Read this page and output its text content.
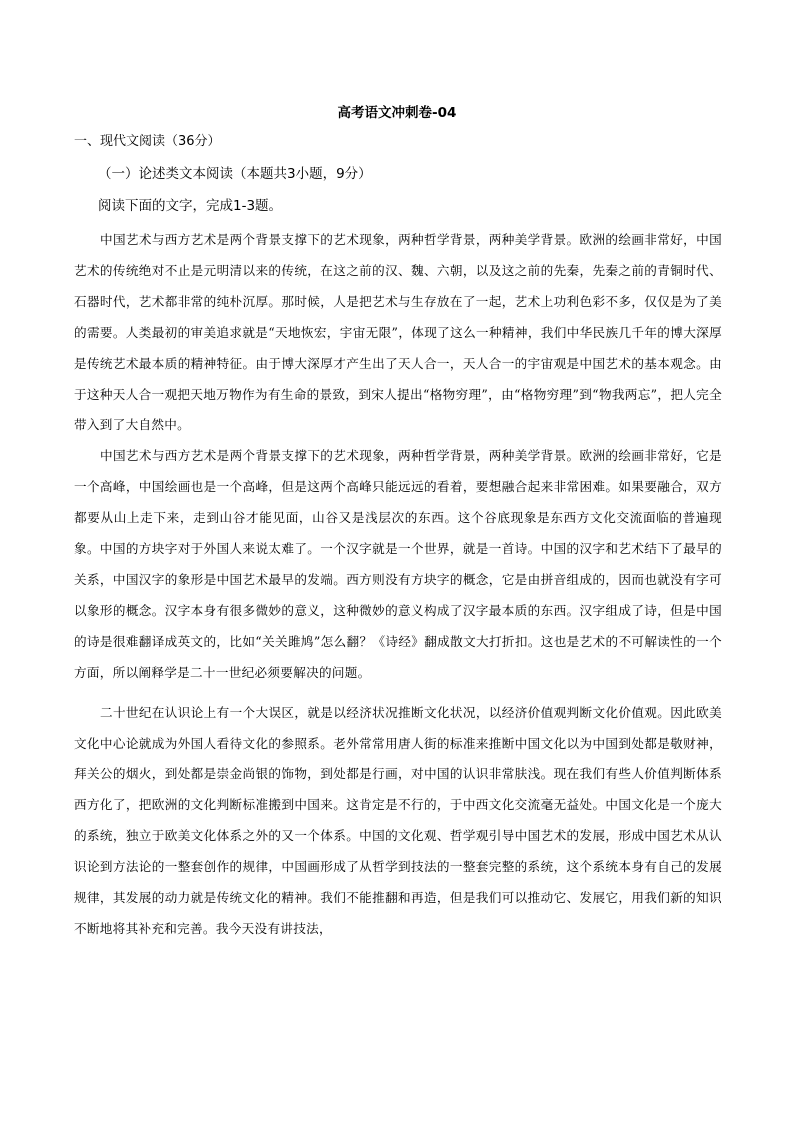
高考语文冲刺卷-04

一、现代文阅读（36分）

（一）论述类文本阅读（本题共3小题，9分）

阅读下面的文字，完成1-3题。

中国艺术与西方艺术是两个背景支撑下的艺术现象，两种哲学背景，两种美学背景。欧洲的绘画非常好，中国艺术的传统绝对不止是元明清以来的传统，在这之前的汉、魏、六朝，以及这之前的先秦，先秦之前的青铜时代、石器时代，艺术都非常的纯朴沉厚。那时候，人是把艺术与生存放在了一起，艺术上功利色彩不多，仅仅是为了美的需要。人类最初的审美追求就是“天地恢宏，宇宙无限”，体现了这么一种精神，我们中华民族几千年的博大深厚是传统艺术最本质的精神特征。由于博大深厚才产生出了天人合一，天人合一的宇宙观是中国艺术的基本观念。由于这种天人合一观把天地万物作为有生命的景致，到宋人提出“格物穷理”，由“格物穷理”到“物我两忘”，把人完全带入到了大自然中。

中国艺术与西方艺术是两个背景支撑下的艺术现象，两种哲学背景，两种美学背景。欧洲的绘画非常好，它是一个高峰，中国绘画也是一个高峰，但是这两个高峰只能远远的看着，要想融合起来非常困难。如果要融合，双方都要从山上走下来，走到山谷才能见面，山谷又是浅层次的东西。这个谷底现象是东西方文化交流面临的普遍现象。中国的方块字对于外国人来说太难了。一个汉字就是一个世界，就是一首诗。中国的汉字和艺术结下了最早的关系，中国汉字的象形是中国艺术最早的发端。西方则没有方块字的概念，它是由拼音组成的，因而也就没有字可以象形的概念。汉字本身有很多微妙的意义，这种微妙的意义构成了汉字最本质的东西。汉字组成了诗，但是中国的诗是很难翻译成英文的，比如“关关雎鸠”怎么翻？《诗经》翻成散文大打折扣。这也是艺术的不可解读性的一个方面，所以阐释学是二十一世纪必须要解决的问题。

二十世纪在认识论上有一个大误区，就是以经济状况推断文化状况，以经济价值观判断文化价值观。因此欧美文化中心论就成为外国人看待文化的参照系。老外常常用唐人街的标准来推断中国文化以为中国到处都是敬财神，拜关公的烟火，到处都是崇金尚银的饰物，到处都是行画，对中国的认识非常肤浅。现在我们有些人价值判断体系西方化了，把欧洲的文化判断标准搬到中国来。这肯定是不行的，于中西文化交流毫无益处。中国文化是一个庞大的系统，独立于欧美文化体系之外的又一个体系。中国的文化观、哲学观引导中国艺术的发展，形成中国艺术从认识论到方法论的一整套创作的规律，中国画形成了从哲学到技法的一整套完整的系统，这个系统本身有自己的发展规律，其发展的动力就是传统文化的精神。我们不能推翻和再造，但是我们可以推动它、发展它，用我们新的知识不断地将其补充和完善。我今天没有讲技法，
